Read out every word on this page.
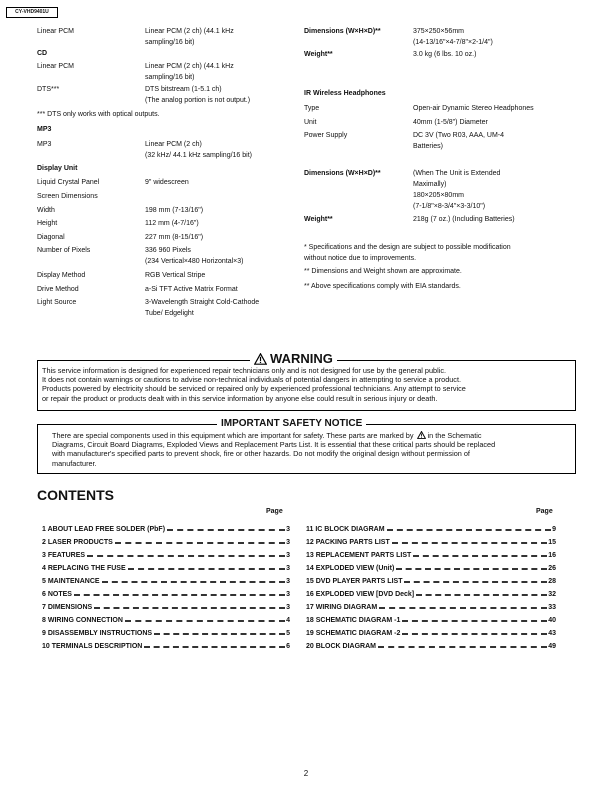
CY-VHD9401U
Linear PCM	Linear PCM (2 ch) (44.1 kHz
sampling/16 bit)
CD
Linear PCM	Linear PCM (2 ch) (44.1 kHz
sampling/16 bit)
DTS***	DTS bitstream (1-5.1 ch)
(The analog portion is not output.)
*** DTS only works with optical outputs.
MP3
MP3	Linear PCM (2 ch)
(32 kHz/ 44.1 kHz sampling/16 bit)
Display Unit
Liquid Crystal Panel	9" widescreen
Screen Dimensions
Width	198 mm (7-13/16")
Height	112 mm (4-7/16")
Diagonal	227 mm (8-15/16")
Number of Pixels	336 960 Pixels
(234 Vertical×480 Horizontal×3)
Display Method	RGB Vertical Stripe
Drive Method	a-Si TFT Active Matrix Format
Light Source	3-Wavelength Straight Cold-Cathode
Tube/ Edgelight
Dimensions (W×H×D)**	375×250×56mm
(14-13/16"×4-7/8"×2-1/4")
Weight**	3.0 kg (6 lbs. 10 oz.)
IR Wireless Headphones
Type	Open-air Dynamic Stereo Headphones
Unit	40mm (1-5/8") Diameter
Power Supply	DC 3V (Two R03, AAA, UM-4
Batteries)
Dimensions (W×H×D)**	(When The Unit is Extended
Maximally)
180×205×80mm
(7-1/8"×8-3/4"×3-3/10")
Weight**	218g (7 oz.) (Including Batteries)
* Specifications and the design are subject to possible modification
without notice due to improvements.
** Dimensions and Weight shown are approximate.
** Above specifications comply with EIA standards.
WARNING
This service information is designed for experienced repair technicians only and is not designed for use by the general public.
It does not contain warnings or cautions to advise non-technical individuals of potential dangers in attempting to service a product.
Products powered by electricity should be serviced or repaired only by experienced professional technicians. Any attempt to service
or repair the product or products dealt with in this service information by anyone else could result in serious injury or death.
IMPORTANT SAFETY NOTICE
There are special components used in this equipment which are important for safety. These parts are marked by in the Schematic
Diagrams, Circuit Board Diagrams, Exploded Views and Replacement Parts List. It is essential that these critical parts should be replaced
with manufacturer's specified parts to prevent shock, fire or other hazards. Do not modify the original design without permission of
manufacturer.
CONTENTS
Page	Page
1 ABOUT LEAD FREE SOLDER (PbF)	3
2 LASER PRODUCTS	3
3 FEATURES	3
4 REPLACING THE FUSE	3
5 MAINTENANCE	3
6 NOTES	3
7 DIMENSIONS	3
8 WIRING CONNECTION	4
9 DISASSEMBLY INSTRUCTIONS	5
10 TERMINALS DESCRIPTION	6
11 IC BLOCK DIAGRAM	9
12 PACKING PARTS LIST	15
13 REPLACEMENT PARTS LIST	16
14 EXPLODED VIEW (Unit)	26
15 DVD PLAYER PARTS LIST	28
16 EXPLODED VIEW [DVD Deck]	32
17 WIRING DIAGRAM	33
18 SCHEMATIC DIAGRAM -1	40
19 SCHEMATIC DIAGRAM -2	43
20 BLOCK DIAGRAM	49
2
